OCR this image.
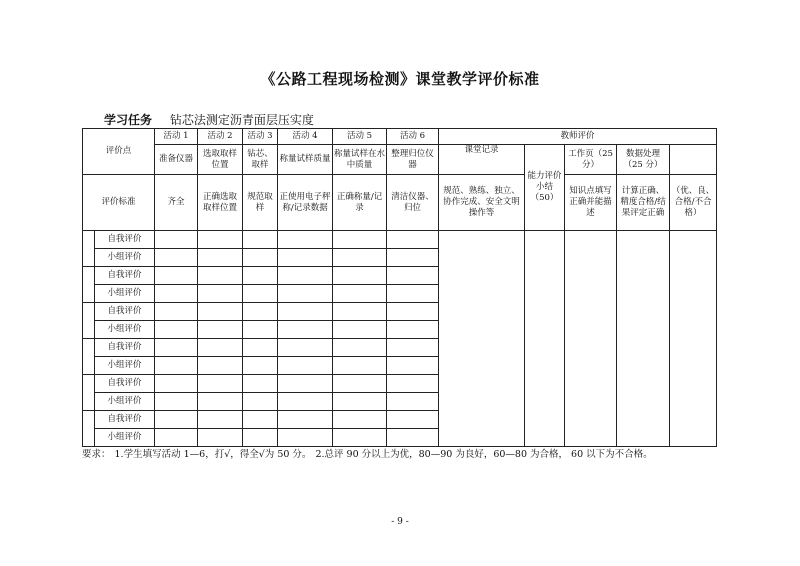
《公路工程现场检测》课堂教学评价标准
学习任务 钻芯法测定沥青面层压实度
评价点		活动 1	活动 2	活动 3	活动 4	活动 5	活动 6	教师评价				
		准备仪器	选取取样位置	钻芯、取样	称量试样质量	称量试样在水中质量	整理归位仪器	课堂记录	能力评价小结（50）	工作页（25 分）	数据处理（25 分）	
评价标准		齐全	正确选取取样位置	规范取样	正使用电子秤称/记录数据	正确称量/记录	清洁仪器、归位	规范、熟练、独立、协作完成、安全文明操作等		知识点填写正确并能描述	计算正确、精度合格/结果评定正确	（优、良、合格/不合格）
	自我评价											
	小组评价											
	自我评价											
	小组评价											
	自我评价											
	小组评价											
	自我评价											
	小组评价											
	自我评价											
	小组评价											
	自我评价											
	小组评价											
要求： 1.学生填写活动 1—6，打√，得全√为 50 分。 2.总评 90 分以上为优，80—90 为良好，60—80 为合格， 60 以下为不合格。
- 9 -
